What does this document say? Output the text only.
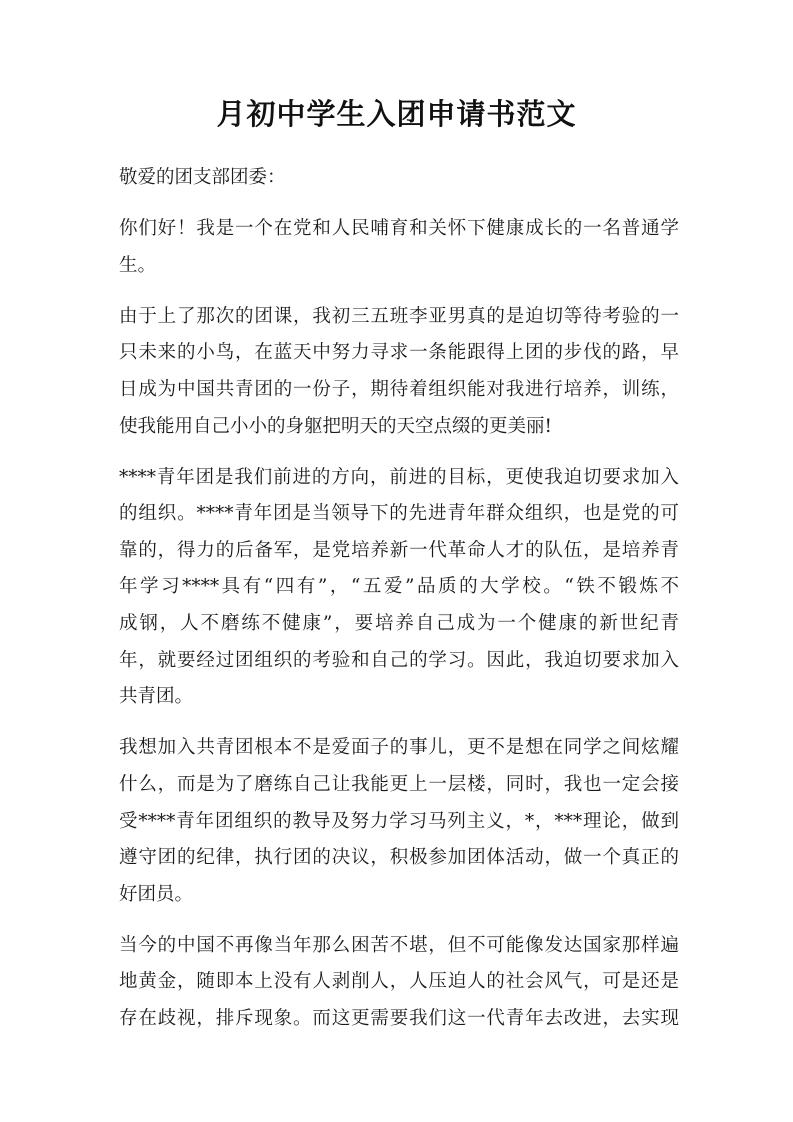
月初中学生入团申请书范文

敬爱的团支部团委：

你们好！我是一个在党和人民哺育和关怀下健康成长的一名普通学
生。

由于上了那次的团课，我初三五班李亚男真的是迫切等待考验的一
只未来的小鸟，在蓝天中努力寻求一条能跟得上团的步伐的路，早
日成为中国共青团的一份子，期待着组织能对我进行培养，训练，
使我能用自己小小的身躯把明天的天空点缀的更美丽!

****青年团是我们前进的方向，前进的目标，更使我迫切要求加入
的组织。****青年团是当领导下的先进青年群众组织，也是党的可
靠的，得力的后备军，是党培养新一代革命人才的队伍，是培养青
年学习****具有“四有”，“五爱”品质的大学校。“铁不锻炼不
成钢，人不磨练不健康”，要培养自己成为一个健康的新世纪青
年，就要经过团组织的考验和自己的学习。因此，我迫切要求加入
共青团。

我想加入共青团根本不是爱面子的事儿，更不是想在同学之间炫耀
什么，而是为了磨练自己让我能更上一层楼，同时，我也一定会接
受****青年团组织的教导及努力学习马列主义，*，***理论，做到
遵守团的纪律，执行团的决议，积极参加团体活动，做一个真正的
好团员。

当今的中国不再像当年那么困苦不堪，但不可能像发达国家那样遍
地黄金，随即本上没有人剥削人，人压迫人的社会风气，可是还是
存在歧视，排斥现象。而这更需要我们这一代青年去改进，去实现
